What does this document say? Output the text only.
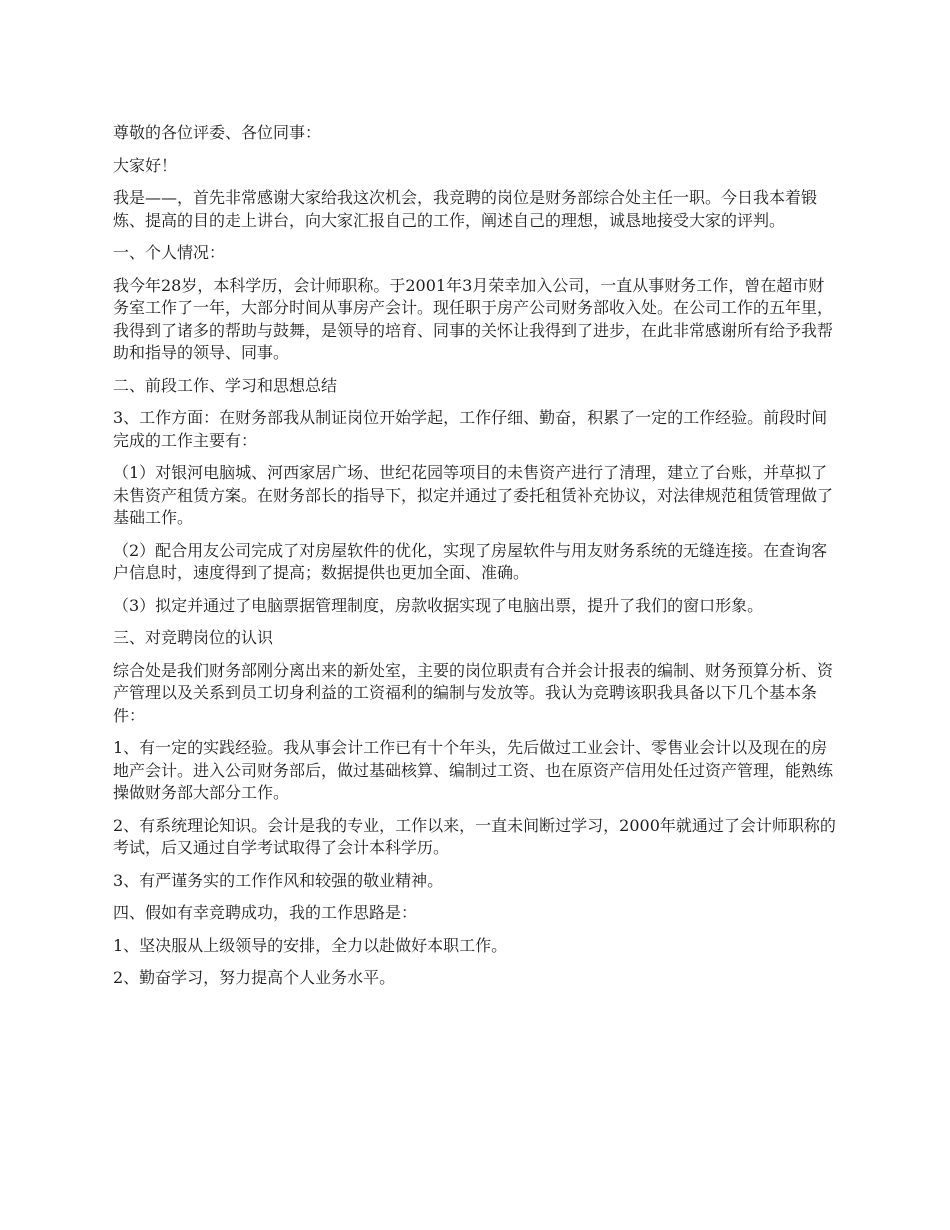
尊敬的各位评委、各位同事：

大家好！

我是——，首先非常感谢大家给我这次机会，我竞聘的岗位是财务部综合处主任一职。今日我本着锻炼、提高的目的走上讲台，向大家汇报自己的工作，阐述自己的理想，诚恳地接受大家的评判。

一、个人情况：

我今年28岁，本科学历，会计师职称。于2001年3月荣幸加入公司，一直从事财务工作，曾在超市财务室工作了一年，大部分时间从事房产会计。现任职于房产公司财务部收入处。在公司工作的五年里，我得到了诸多的帮助与鼓舞，是领导的培育、同事的关怀让我得到了进步，在此非常感谢所有给予我帮助和指导的领导、同事。

二、前段工作、学习和思想总结

3、工作方面：在财务部我从制证岗位开始学起，工作仔细、勤奋，积累了一定的工作经验。前段时间完成的工作主要有：

（1）对银河电脑城、河西家居广场、世纪花园等项目的未售资产进行了清理，建立了台账，并草拟了未售资产租赁方案。在财务部长的指导下，拟定并通过了委托租赁补充协议，对法律规范租赁管理做了基础工作。

（2）配合用友公司完成了对房屋软件的优化，实现了房屋软件与用友财务系统的无缝连接。在查询客户信息时，速度得到了提高；数据提供也更加全面、准确。

（3）拟定并通过了电脑票据管理制度，房款收据实现了电脑出票，提升了我们的窗口形象。

三、对竞聘岗位的认识

综合处是我们财务部刚分离出来的新处室，主要的岗位职责有合并会计报表的编制、财务预算分析、资产管理以及关系到员工切身利益的工资福利的编制与发放等。我认为竞聘该职我具备以下几个基本条件：

1、有一定的实践经验。我从事会计工作已有十个年头，先后做过工业会计、零售业会计以及现在的房地产会计。进入公司财务部后，做过基础核算、编制过工资、也在原资产信用处任过资产管理，能熟练操做财务部大部分工作。

2、有系统理论知识。会计是我的专业，工作以来，一直未间断过学习，2000年就通过了会计师职称的考试，后又通过自学考试取得了会计本科学历。

3、有严谨务实的工作作风和较强的敬业精神。

四、假如有幸竞聘成功，我的工作思路是：

1、坚决服从上级领导的安排，全力以赴做好本职工作。

2、勤奋学习，努力提高个人业务水平。
